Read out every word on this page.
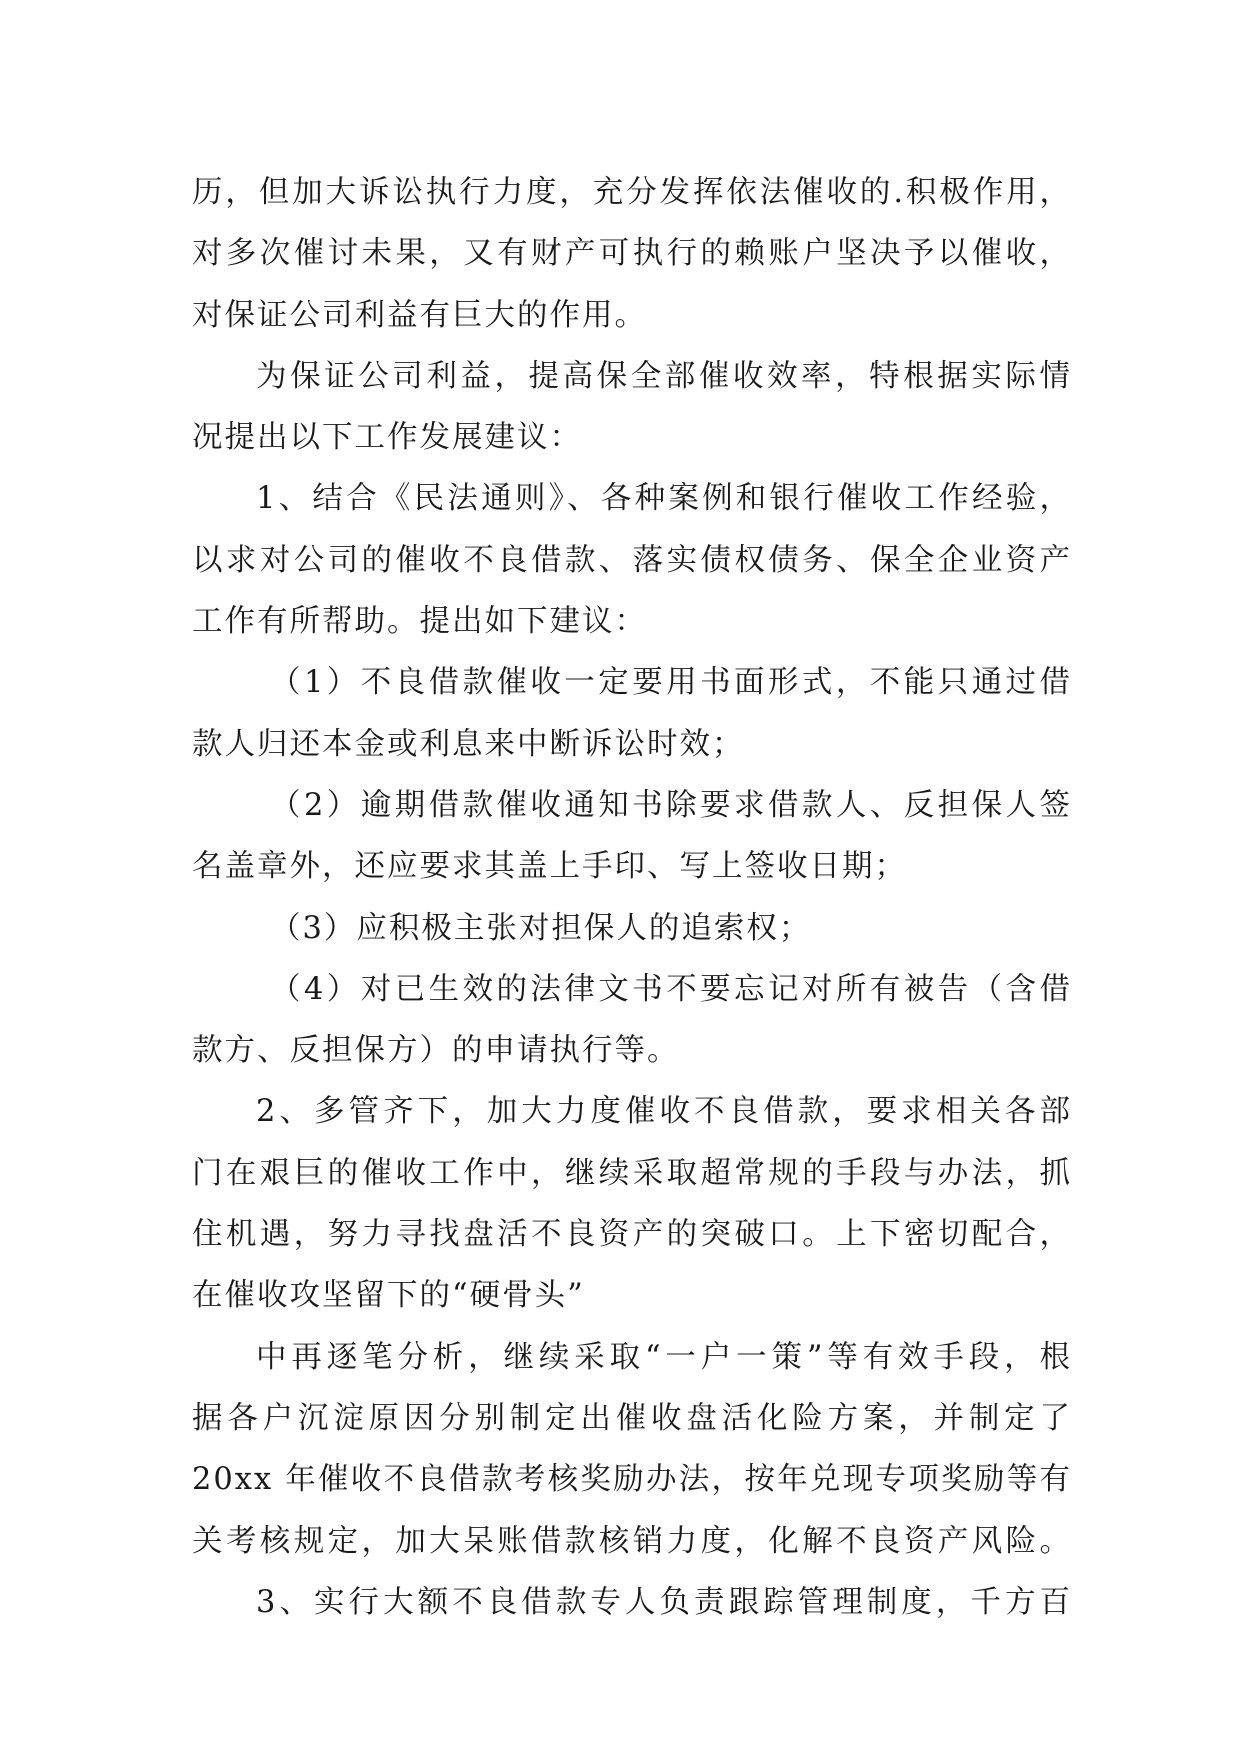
历，但加大诉讼执行力度，充分发挥依法催收的.积极作用，
对多次催讨未果，又有财产可执行的赖账户坚决予以催收，
对保证公司利益有巨大的作用。
为保证公司利益，提高保全部催收效率，特根据实际情
况提出以下工作发展建议：
1、结合《民法通则》、各种案例和银行催收工作经验，
以求对公司的催收不良借款、落实债权债务、保全企业资产
工作有所帮助。提出如下建议：
（1）不良借款催收一定要用书面形式，不能只通过借
款人归还本金或利息来中断诉讼时效；
（2）逾期借款催收通知书除要求借款人、反担保人签
名盖章外，还应要求其盖上手印、写上签收日期；
（3）应积极主张对担保人的追索权；
（4）对已生效的法律文书不要忘记对所有被告（含借
款方、反担保方）的申请执行等。
2、多管齐下，加大力度催收不良借款，要求相关各部
门在艰巨的催收工作中，继续采取超常规的手段与办法，抓
住机遇，努力寻找盘活不良资产的突破口。上下密切配合，
在催收攻坚留下的“硬骨头”
中再逐笔分析，继续采取“一户一策”等有效手段，根
据各户沉淀原因分别制定出催收盘活化险方案，并制定了
20xx 年催收不良借款考核奖励办法，按年兑现专项奖励等有
关考核规定，加大呆账借款核销力度，化解不良资产风险。
3、实行大额不良借款专人负责跟踪管理制度，千方百
